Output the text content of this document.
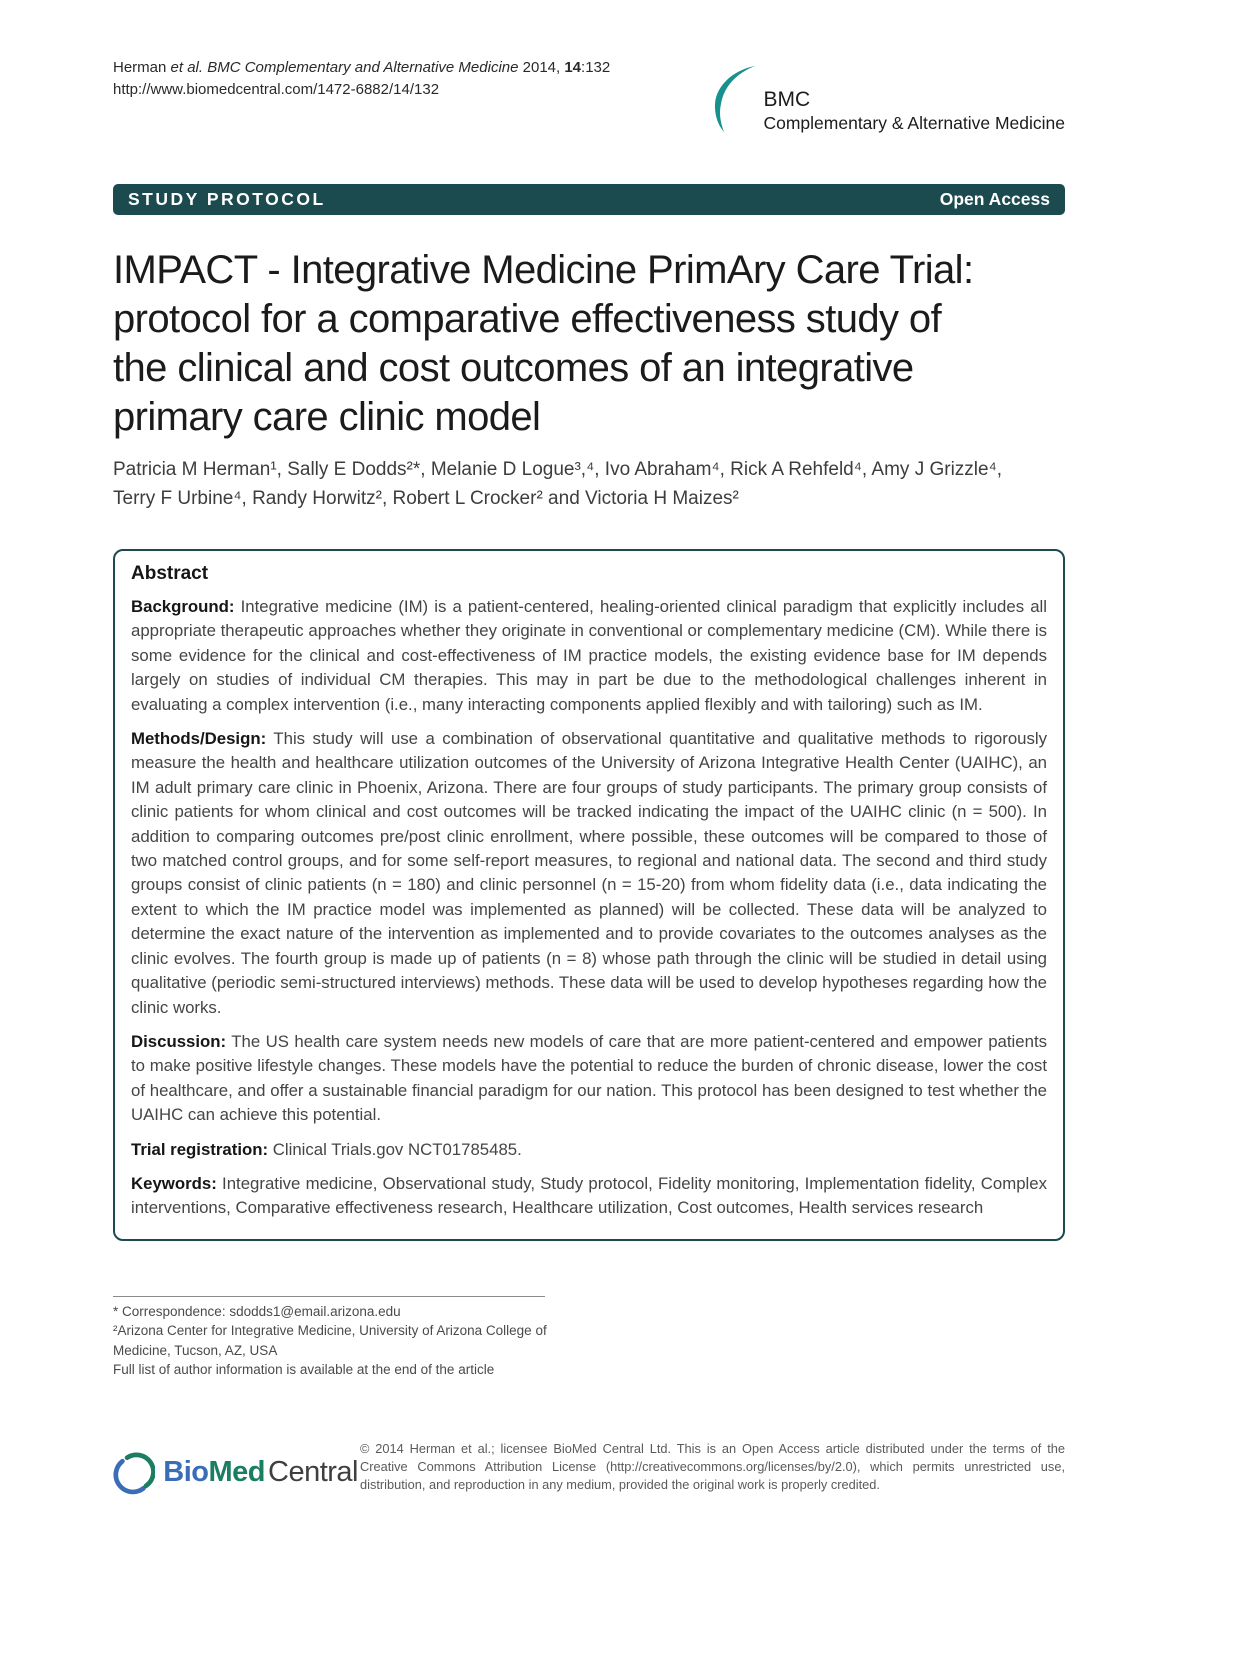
Herman et al. BMC Complementary and Alternative Medicine 2014, 14:132
http://www.biomedcentral.com/1472-6882/14/132	BMC
Complementary & Alternative Medicine
STUDY PROTOCOL	Open Access
IMPACT - Integrative Medicine PrimAry Care Trial:
protocol for a comparative effectiveness study of
the clinical and cost outcomes of an integrative
primary care clinic model
Patricia M Herman¹, Sally E Dodds²*, Melanie D Logue³,⁴, Ivo Abraham⁴, Rick A Rehfeld⁴, Amy J Grizzle⁴,
Terry F Urbine⁴, Randy Horwitz², Robert L Crocker² and Victoria H Maizes²
Abstract

Background: Integrative medicine (IM) is a patient-centered, healing-oriented clinical paradigm that explicitly includes all appropriate therapeutic approaches whether they originate in conventional or complementary medicine (CM). While there is some evidence for the clinical and cost-effectiveness of IM practice models, the existing evidence base for IM depends largely on studies of individual CM therapies. This may in part be due to the methodological challenges inherent in evaluating a complex intervention (i.e., many interacting components applied flexibly and with tailoring) such as IM.

Methods/Design: This study will use a combination of observational quantitative and qualitative methods to rigorously measure the health and healthcare utilization outcomes of the University of Arizona Integrative Health Center (UAIHC), an IM adult primary care clinic in Phoenix, Arizona. There are four groups of study participants. The primary group consists of clinic patients for whom clinical and cost outcomes will be tracked indicating the impact of the UAIHC clinic (n = 500). In addition to comparing outcomes pre/post clinic enrollment, where possible, these outcomes will be compared to those of two matched control groups, and for some self-report measures, to regional and national data. The second and third study groups consist of clinic patients (n = 180) and clinic personnel (n = 15-20) from whom fidelity data (i.e., data indicating the extent to which the IM practice model was implemented as planned) will be collected. These data will be analyzed to determine the exact nature of the intervention as implemented and to provide covariates to the outcomes analyses as the clinic evolves. The fourth group is made up of patients (n = 8) whose path through the clinic will be studied in detail using qualitative (periodic semi-structured interviews) methods. These data will be used to develop hypotheses regarding how the clinic works.

Discussion: The US health care system needs new models of care that are more patient-centered and empower patients to make positive lifestyle changes. These models have the potential to reduce the burden of chronic disease, lower the cost of healthcare, and offer a sustainable financial paradigm for our nation. This protocol has been designed to test whether the UAIHC can achieve this potential.

Trial registration: Clinical Trials.gov NCT01785485.

Keywords: Integrative medicine, Observational study, Study protocol, Fidelity monitoring, Implementation fidelity, Complex interventions, Comparative effectiveness research, Healthcare utilization, Cost outcomes, Health services research

* Correspondence: sdodds1@email.arizona.edu
²Arizona Center for Integrative Medicine, University of Arizona College of Medicine, Tucson, AZ, USA
Full list of author information is available at the end of the article
BioMed Central
© 2014 Herman et al.; licensee BioMed Central Ltd. This is an Open Access article distributed under the terms of the Creative Commons Attribution License (http://creativecommons.org/licenses/by/2.0), which permits unrestricted use, distribution, and reproduction in any medium, provided the original work is properly credited.
